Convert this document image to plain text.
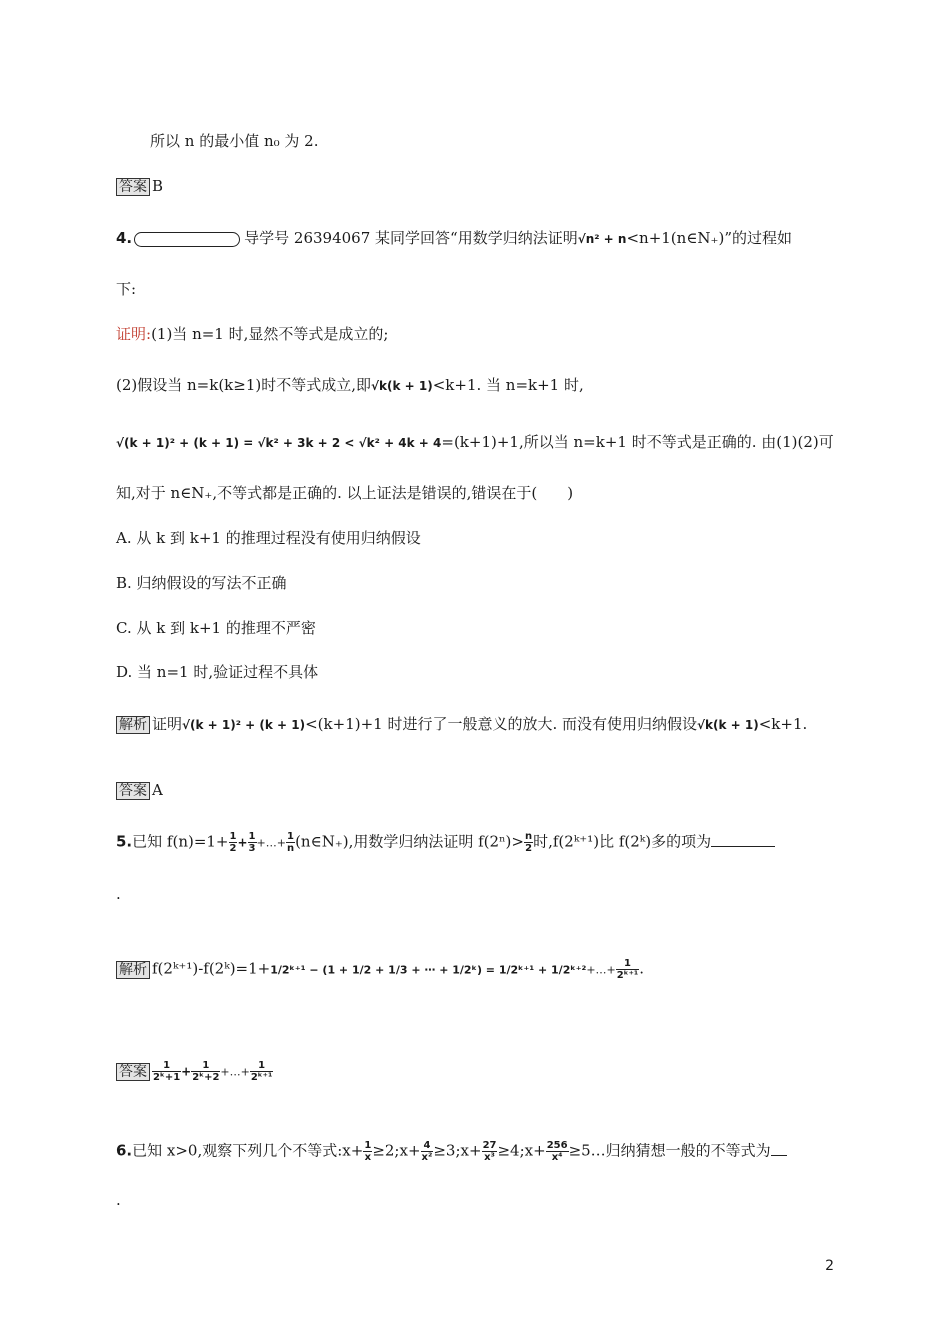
所以 n 的最小值 n₀ 为 2.
答案 B
4.	导学号 26394067 某同学回答“用数学归纳法证明√n² + n<n+1(n∈N₊)”的过程如
下:
证明:(1)当 n=1 时,显然不等式是成立的;
(2)假设当 n=k(k≥1)时不等式成立,即√k(k + 1)<k+1. 当 n=k+1 时,
√(k + 1)² + (k + 1) = √k² + 3k + 2 < √k² + 4k + 4=(k+1)+1,所以当 n=k+1 时不等式是正确的. 由(1)(2)可
知,对于 n∈N₊,不等式都是正确的. 以上证法是错误的,错误在于(　　)
A. 从 k 到 k+1 的推理过程没有使用归纳假设
B. 归纳假设的写法不正确
C. 从 k 到 k+1 的推理不严密
D. 当 n=1 时,验证过程不具体
解析 证明√(k + 1)² + (k + 1)<(k+1)+1 时进行了一般意义的放大. 而没有使用归纳假设√k(k + 1)<k+1.
答案 A
5.已知 $f(n)=1+ \frac{1}{2} + \frac{1}{3}$ +…+ $\frac{1}{n}$ (n∈N₊),用数学归纳法证明 $f(2^n)> \frac{n}{2}$ 时,f(2ᵏ⁺¹)比 f(2ᵏ)多的项为
.
解析 f(2ᵏ⁺¹)-f(2ᵏ)=1+1/2ᵏ⁺¹ − (1 + 1/2 + 1/3 + ⋯ + 1/2ᵏ) = 1/2ᵏ⁺¹ + 1/2ᵏ⁺²+…+ $\frac{1}{\text{2ᵏ⁺¹}}$ .
答案 $\frac{1}{\text{2ᵏ+1}} + \frac{1}{\text{2ᵏ+2}}$ +…+ $\frac{1}{\text{2ᵏ⁺¹}}$
6.已知 x>0,观察下列几个不等式:x+ $\frac{1}{x}$ ≥2;x+ $\frac{4}{\text{x²}}$ ≥3;x+ $\frac{27}{\text{x³}}$ ≥4;x+ $\frac{256}{\text{x⁴}}$ ≥5…归纳猜想一般的不等式为
.
2
